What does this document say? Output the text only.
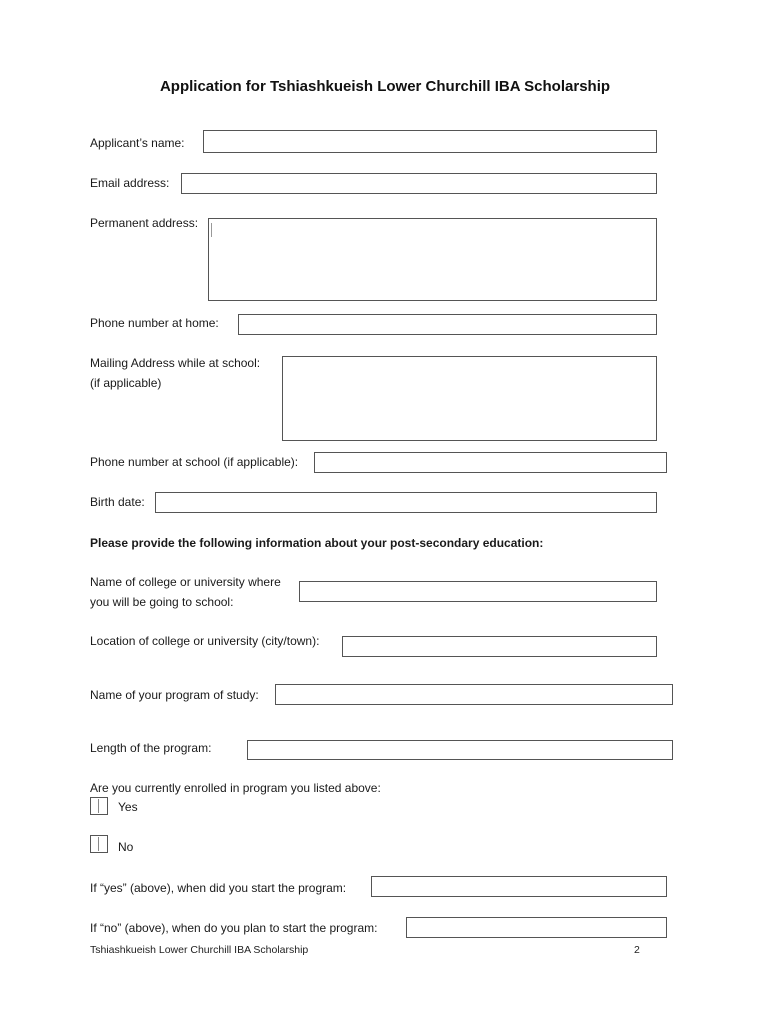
Application for Tshiashkueish Lower Churchill IBA Scholarship
Applicant’s name:
Email address:
Permanent address:
Phone number at home:
Mailing Address while at school:
(if applicable)
Phone number at school (if applicable):
Birth date:
Please provide the following information about your post-secondary education:
Name of college or university where
you will be going to school:
Location of college or university (city/town):
Name of your program of study:
Length of the program:
Are you currently enrolled in program you listed above:
Yes
No
If “yes” (above), when did you start the program:
If “no” (above), when do you plan to start the program:
Tshiashkueish Lower Churchill IBA Scholarship	2
